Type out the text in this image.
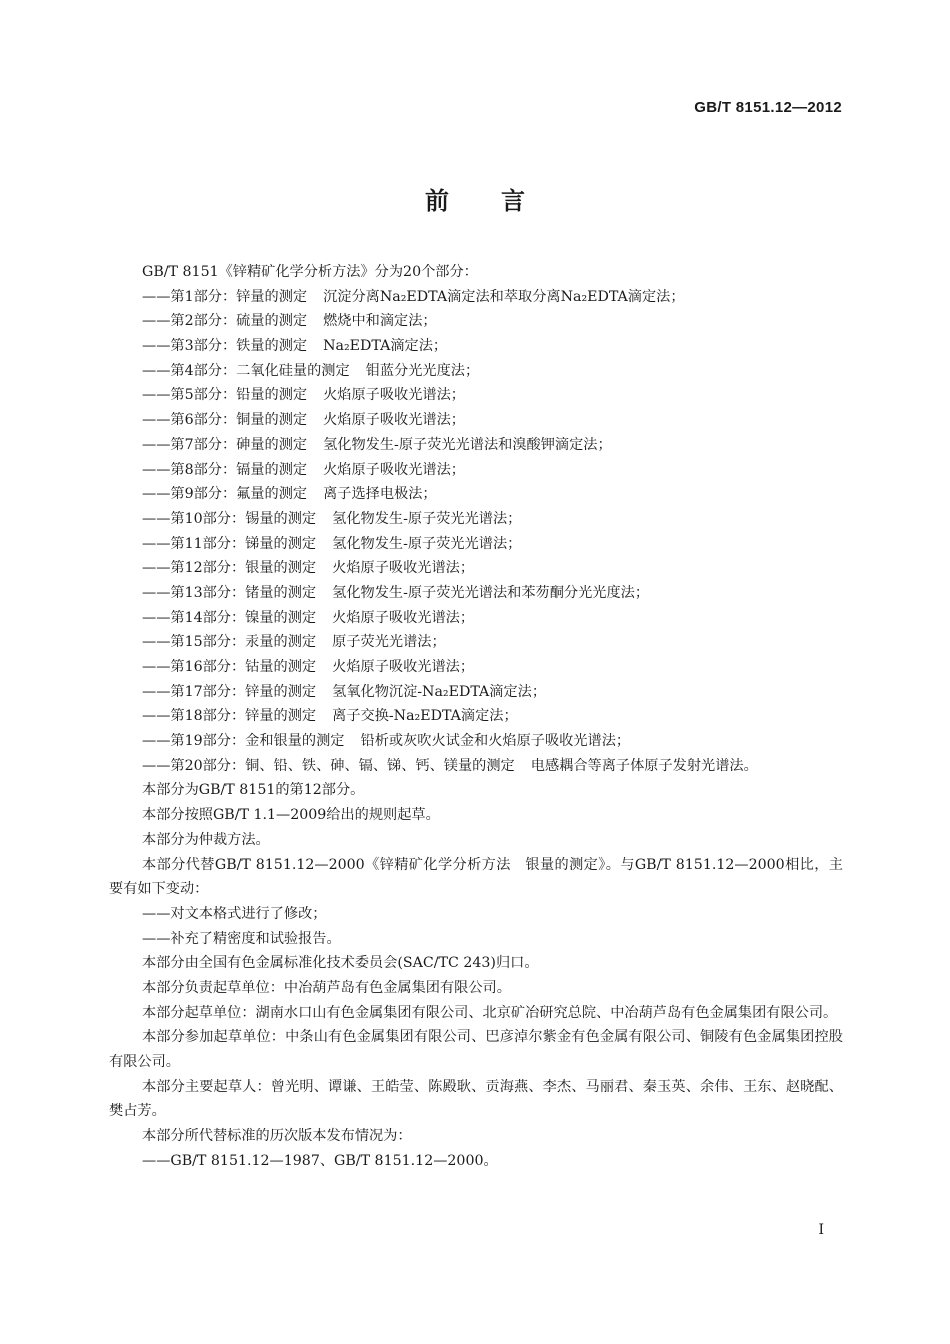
GB/T 8151.12—2012
前 言
GB/T 8151《锌精矿化学分析方法》分为20个部分：
——第1部分：锌量的测定 沉淀分离Na₂EDTA滴定法和萃取分离Na₂EDTA滴定法；
——第2部分：硫量的测定 燃烧中和滴定法；
——第3部分：铁量的测定 Na₂EDTA滴定法；
——第4部分：二氧化硅量的测定 钼蓝分光光度法；
——第5部分：铅量的测定 火焰原子吸收光谱法；
——第6部分：铜量的测定 火焰原子吸收光谱法；
——第7部分：砷量的测定 氢化物发生-原子荧光光谱法和溴酸钾滴定法；
——第8部分：镉量的测定 火焰原子吸收光谱法；
——第9部分：氟量的测定 离子选择电极法；
——第10部分：锡量的测定 氢化物发生-原子荧光光谱法；
——第11部分：锑量的测定 氢化物发生-原子荧光光谱法；
——第12部分：银量的测定 火焰原子吸收光谱法；
——第13部分：锗量的测定 氢化物发生-原子荧光光谱法和苯芴酮分光光度法；
——第14部分：镍量的测定 火焰原子吸收光谱法；
——第15部分：汞量的测定 原子荧光光谱法；
——第16部分：钴量的测定 火焰原子吸收光谱法；
——第17部分：锌量的测定 氢氧化物沉淀-Na₂EDTA滴定法；
——第18部分：锌量的测定 离子交换-Na₂EDTA滴定法；
——第19部分：金和银量的测定 铅析或灰吹火试金和火焰原子吸收光谱法；
——第20部分：铜、铅、铁、砷、镉、锑、钙、镁量的测定 电感耦合等离子体原子发射光谱法。
本部分为GB/T 8151的第12部分。
本部分按照GB/T 1.1—2009给出的规则起草。
本部分为仲裁方法。
本部分代替GB/T 8151.12—2000《锌精矿化学分析方法　银量的测定》。与GB/T 8151.12—2000相比，主要有如下变动：
——对文本格式进行了修改；
——补充了精密度和试验报告。
本部分由全国有色金属标准化技术委员会(SAC/TC 243)归口。
本部分负责起草单位：中冶葫芦岛有色金属集团有限公司。
本部分起草单位：湖南水口山有色金属集团有限公司、北京矿冶研究总院、中冶葫芦岛有色金属集团有限公司。
本部分参加起草单位：中条山有色金属集团有限公司、巴彦淖尔紫金有色金属有限公司、铜陵有色金属集团控股有限公司。
本部分主要起草人：曾光明、谭谦、王皓莹、陈殿耿、贡海燕、李杰、马丽君、秦玉英、余伟、王东、赵晓配、樊占芳。
本部分所代替标准的历次版本发布情况为：
——GB/T 8151.12—1987、GB/T 8151.12—2000。
I
